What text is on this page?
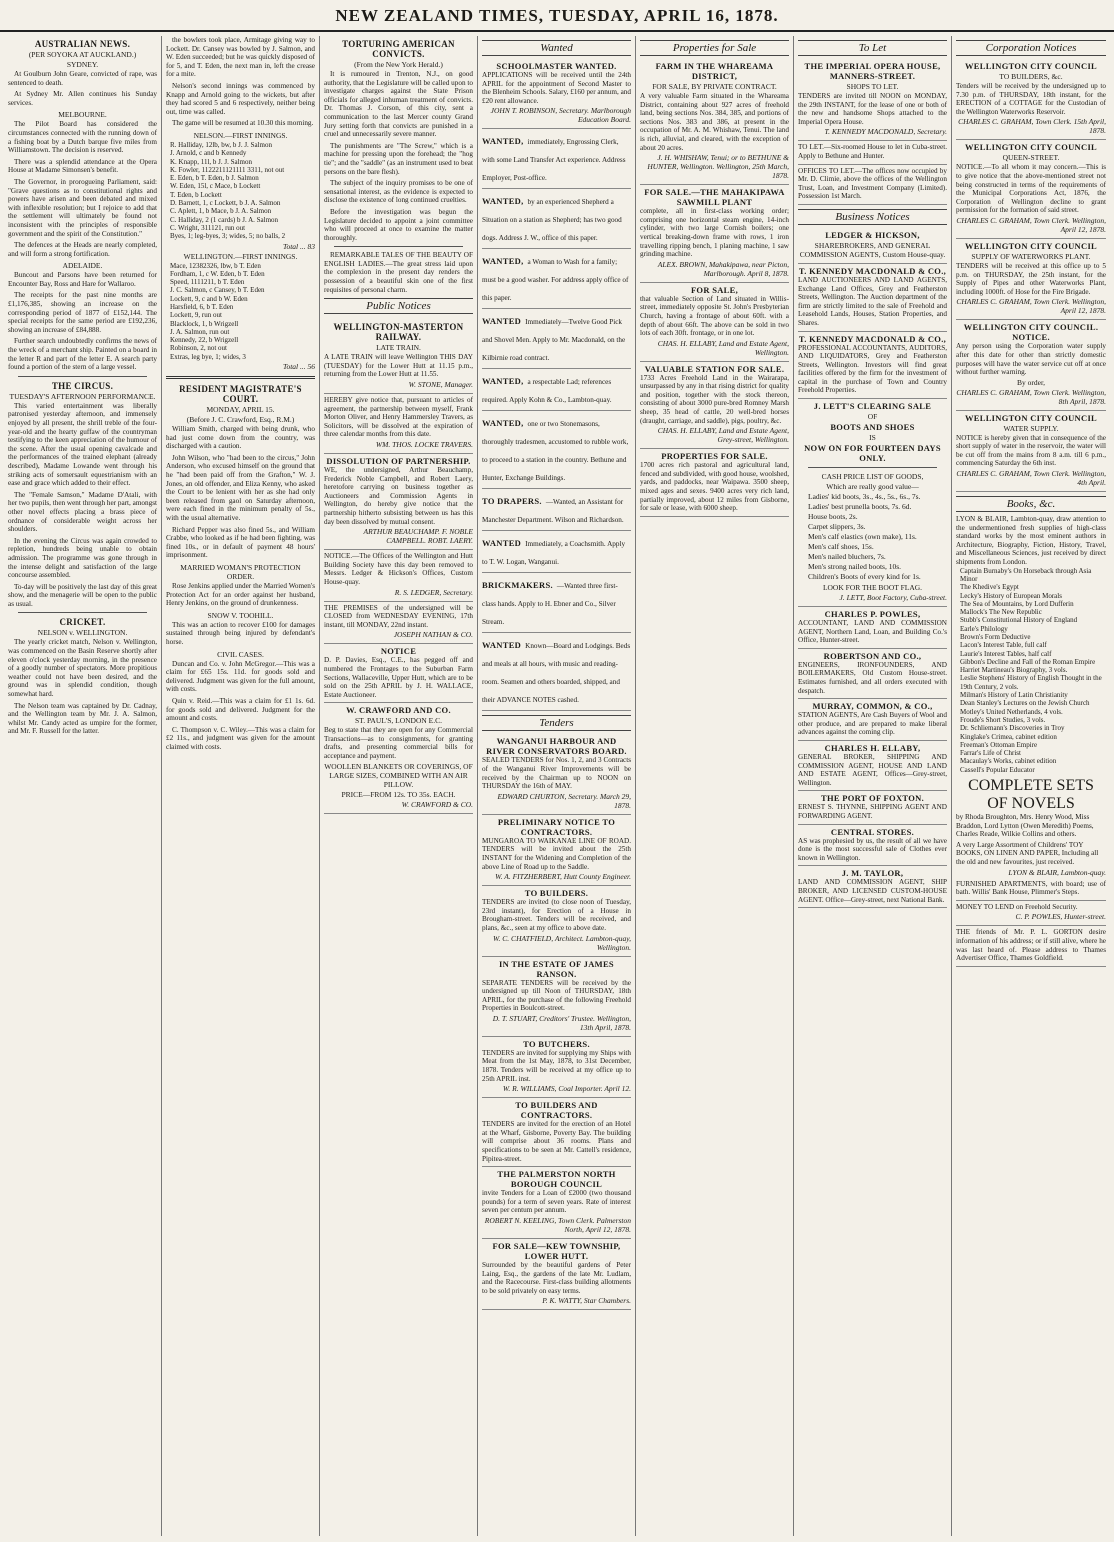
NEW ZEALAND TIMES, TUESDAY, APRIL 16, 1878.
AUSTRALIAN NEWS.
(PER SOYOKA AT AUCKLAND.)
SYDNEY.

At Goulburn John Geare, convicted of rape, was sentenced to death.

At Sydney Mr. Allen continues his Sunday services.

MELBOURNE.

The Pilot Board has considered the circumstances connected with the running down of a fishing boat by a Dutch barque five miles from Williamstown. The decision is reserved.

There was a splendid attendance at the Opera House at Madame Simonsen's benefit.

The Governor, in prorogueing Parliament, said: "Grave questions as to constitutional rights and powers have arisen and been debated and mixed with inflexible resolution; but I rejoice to add that the settlement will ultimately be found not inconsistent with the principles of responsible government and the spirit of the Constitution."

The defences at the Heads are nearly completed, and will form a strong fortification.

ADELAIDE.

Buncout and Parsons have been returned for Encounter Bay, Ross and Hare for Wallaroo.

The receipts for the past nine months are £1,176,385, showing an increase on the corresponding period of 1877 of £152,144. The special receipts for the same period are £192,236, showing an increase of £84,888.

Further search undoubtedly confirms the news of the wreck of a merchant ship. Painted on a board in the letter R and part of the letter E. A search party found a portion of the stern of a large vessel.

THE CIRCUS.
TUESDAY'S AFTERNOON PERFORMANCE.

This varied entertainment was liberally patronised yesterday afternoon, and immensely enjoyed by all present, the shrill treble of the four-year-old and the hearty guffaw of the countryman testifying to the keen appreciation of the humour of the scene. After the usual opening cavalcade and the performances of the trained elephant (already described), Madame Lowande went through his striking acts of somersault equestrianism with an ease and grace which added to their effect.

The "Female Samson," Madame D'Atali, with her two pupils, then went through her part, amongst other novel effects placing a brass piece of ordnance of considerable weight across her shoulders.

In the evening the Circus was again crowded to repletion, hundreds being unable to obtain admission. The programme was gone through in the intense delight and satisfaction of the large concourse assembled.

To-day will be positively the last day of this great show, and the menagerie will be open to the public as usual.

CRICKET.
NELSON v. WELLINGTON.

The yearly cricket match, Nelson v. Wellington, was commenced on the Basin Reserve shortly after eleven o'clock yesterday morning, in the presence of a goodly number of spectators. More propitious weather could not have been desired, and the ground was in splendid condition, though somewhat hard.

The Nelson team was captained by Dr. Cadnay, and the Wellington team by Mr. J. A. Salmon, whilst Mr. Candy acted as umpire for the former, and Mr. F. Russell for the latter.

the bowlers took place, Armitage giving way to Lockett. Dr. Cansey was bowled by J. Salmon, and W. Eden succeeded; but he was quickly disposed of for 5, and T. Eden, the next man in, left the crease for a mite.

Nelson's second innings was commenced by Knapp and Arnold going to the wickets, but after they had scored 5 and 6 respectively, neither being out, time was called.

The game will be resumed at 10.30 this morning.

NELSON.—FIRST INNINGS.
R. Halliday, 12lb, bw, b J. J. Salmon
J. Arnold, c and b Kennedy
K. Knapp, 11l, b J. J. Salmon
K. Fowler, 1122211121111 3311, not out
E. Eden, b T. Eden, b J. Salmon
W. Eden, 15l, c Mace, b Lockett
T. Eden, b Lockett
D. Barnett, 1, c Lockett, b J. A. Salmon
C. Aplett, 1, b Mace, b J. A. Salmon
C. Halliday, 2 (1 cards) b J. A. Salmon
C. Wright, 311121, run out
Byes, 1; leg-byes, 3; wides, 5; no balls, 2
Total ... 83
WELLINGTON.—FIRST INNINGS.
Mace, 12382326, lbw, b T. Eden
Fordham, 1, c W. Eden, b T. Eden
Speed, 1111211, b T. Eden
J. C. Salmon, c Cansey, b T. Eden
Lockett, 9, c and b W. Eden
Harsfield, 6, b T. Eden
Lockett, 9, run out
Blacklock, 1, b Wrigzell
J. A. Salmon, run out
Kennedy, 22, b Wrigzell
Robinson, 2, not out
Extras, leg bye, 1; wides, 3
Total ... 56
RESIDENT MAGISTRATE'S COURT.
MONDAY, APRIL 15.
(Before J. C. Crawford, Esq., R.M.)

William Smith, charged with being drunk, who had just come down from the country, was discharged with a caution.

John Wilson, who "had been to the circus," John Anderson, who excused himself on the ground that he "had been paid off from the Grafton," W. J. Jones, an old offender, and Eliza Kenny, who asked the Court to be lenient with her as she had only been released from gaol on Saturday afternoon, were each fined in the minimum penalty of 5s., with the usual alternative.

Richard Pepper was also fined 5s., and William Crabbe, who looked as if he had been fighting, was fined 10s., or in default of payment 48 hours' imprisonment.

MARRIED WOMAN'S PROTECTION ORDER.

Rose Jenkins applied under the Married Women's Protection Act for an order against her husband, Henry Jenkins, on the ground of drunkenness.

SNOW V. TOOHILL.

This was an action to recover £100 for damages sustained through being injured by defendant's horse.

CIVIL CASES.

Duncan and Co. v. John McGregor.—This was a claim for £65 15s. 11d. for goods sold and delivered. Judgment was given for the full amount, with costs.

Quin v. Reid.—This was a claim for £1 1s. 6d. for goods sold and delivered. Judgment for the amount and costs.

C. Thompson v. C. Wiley.—This was a claim for £2 11s., and judgment was given for the amount claimed with costs.

TORTURING AMERICAN CONVICTS.
(From the New York Herald.)

It is rumoured in Trenton, N.J., on good authority, that the Legislature will be called upon to investigate charges against the State Prison officials for alleged inhuman treatment of convicts. Dr. Thomas J. Corson, of this city, sent a communication to the last Mercer county Grand Jury setting forth that convicts are punished in a cruel and unnecessarily severe manner.

The punishments are "The Screw," which is a machine for pressing upon the forehead; the "hog tie"; and the "saddle" (as an instrument used to beat persons on the bare flesh).

The subject of the inquiry promises to be one of sensational interest, as the evidence is expected to disclose the existence of long continued cruelties.

Before the investigation was begun the Legislature decided to appoint a joint committee who will proceed at once to examine the matter thoroughly.

REMARKABLE TALES OF THE BEAUTY OF ENGLISH LADIES.—The great stress laid upon the complexion in the present day renders the possession of a beautiful skin one of the first requisites of personal charm.

Public Notices
WELLINGTON-MASTERTON RAILWAY.
LATE TRAIN.
A LATE TRAIN will leave Wellington THIS DAY (TUESDAY) for the Lower Hutt at 11.15 p.m., returning from the Lower Hutt at 11.55.
W. STONE, Manager.
HEREBY give notice that, pursuant to articles of agreement, the partnership between myself, Frank Morton Oliver, and Henry Hammersley Travers, as Solicitors, will be dissolved at the expiration of three calendar months from this date.
WM. THOS. LOCKE TRAVERS.
DISSOLUTION OF PARTNERSHIP.
WE, the undersigned, Arthur Beauchamp, Frederick Noble Campbell, and Robert Laery, heretofore carrying on business together as Auctioneers and Commission Agents in Wellington, do hereby give notice that the partnership hitherto subsisting between us has this day been dissolved by mutual consent.
ARTHUR BEAUCHAMP. F. NOBLE CAMPBELL. ROBT. LAERY.
NOTICE.—The Offices of the Wellington and Hutt Building Society have this day been removed to Messrs. Ledger & Hickson's Offices, Custom House-quay.
R. S. LEDGER, Secretary.
THE PREMISES of the undersigned will be CLOSED from WEDNESDAY EVENING, 17th instant, till MONDAY, 22nd instant.
JOSEPH NATHAN & CO.
NOTICE
D. P. Davies, Esq., C.E., has pegged off and numbered the Frontages to the Suburban Farm Sections, Wallaceville, Upper Hutt, which are to be sold on the 25th APRIL by J. H. WALLACE, Estate Auctioneer.
W. CRAWFORD AND CO.
ST. PAUL'S, LONDON E.C.
Beg to state that they are open for any Commercial Transactions—as to consignments, for granting drafts, and presenting commercial bills for acceptance and payment.
WOOLLEN BLANKETS OR COVERINGS, OF LARGE SIZES, COMBINED WITH AN AIR PILLOW.
PRICE—FROM 12s. TO 35s. EACH.
W. CRAWFORD & CO.
Wanted
SCHOOLMASTER WANTED.
APPLICATIONS will be received until the 24th APRIL for the appointment of Second Master to the Blenheim Schools. Salary, £160 per annum, and £20 rent allowance.
JOHN T. ROBINSON, Secretary. Marlborough Education Board.
WANTED, immediately, Engrossing Clerk, with some Land Transfer Act experience. Address Employer, Post-office.
WANTED, by an experienced Shepherd a Situation on a station as Shepherd; has two good dogs. Address J. W., office of this paper.
WANTED, a Woman to Wash for a family; must be a good washer. For address apply office of this paper.
WANTED Immediately—Twelve Good Pick and Shovel Men. Apply to Mr. Macdonald, on the Kilbirnie road contract.
WANTED, a respectable Lad; references required. Apply Kohn & Co., Lambton-quay.
WANTED, one or two Stonemasons, thoroughly tradesmen, accustomed to rubble work, to proceed to a station in the country. Bethune and Hunter, Exchange Buildings.
TO DRAPERS. —Wanted, an Assistant for Manchester Department. Wilson and Richardson.
WANTED Immediately, a Coachsmith. Apply to T. W. Logan, Wanganui.
BRICKMAKERS. —Wanted three first-class hands. Apply to H. Ebner and Co., Silver Stream.
WANTED Known—Board and Lodgings. Beds and meals at all hours, with music and reading-room. Seamen and others boarded, shipped, and their ADVANCE NOTES cashed.
Tenders
WANGANUI HARBOUR AND RIVER CONSERVATORS BOARD.
SEALED TENDERS for Nos. 1, 2, and 3 Contracts of the Wanganui River Improvements will be received by the Chairman up to NOON on THURSDAY the 16th of MAY.
EDWARD CHURTON, Secretary. March 29, 1878.
PRELIMINARY NOTICE TO CONTRACTORS.
MUNGAROA TO WAIKANAE LINE OF ROAD. TENDERS will be invited about the 25th INSTANT for the Widening and Completion of the above Line of Road up to the Saddle.
W. A. FITZHERBERT, Hutt County Engineer.
TO BUILDERS.
TENDERS are invited (to close noon of Tuesday, 23rd instant), for Erection of a House in Brougham-street. Tenders will be received, and plans, &c., seen at my office to above date.
W. C. CHATFIELD, Architect. Lambton-quay, Wellington.
IN THE ESTATE OF JAMES RANSON.
SEPARATE TENDERS will be received by the undersigned up till Noon of THURSDAY, 18th APRIL, for the purchase of the following Freehold Properties in Boulcott-street.
D. T. STUART, Creditors' Trustee. Wellington, 13th April, 1878.
TO BUTCHERS.
TENDERS are invited for supplying my Ships with Meat from the 1st May, 1878, to 31st December, 1878. Tenders will be received at my office up to 25th APRIL inst.
W. R. WILLIAMS, Coal Importer. April 12.
TO BUILDERS AND CONTRACTORS.
TENDERS are invited for the erection of an Hotel at the Wharf, Gisborne, Poverty Bay. The building will comprise about 36 rooms. Plans and specifications to be seen at Mr. Cattell's residence, Pipitea-street.
THE PALMERSTON NORTH BOROUGH COUNCIL
invite Tenders for a Loan of £2000 (two thousand pounds) for a term of seven years. Rate of interest seven per centum per annum.
ROBERT N. KEELING, Town Clerk. Palmerston North, April 12, 1878.
FOR SALE—KEW TOWNSHIP, LOWER HUTT.
Surrounded by the beautiful gardens of Peter Laing, Esq., the gardens of the late Mr. Ludlam, and the Racecourse. First-class building allotments to be sold privately on easy terms.
P. K. WATTY, Star Chambers.
Properties for Sale
FARM IN THE WHAREAMA DISTRICT,
FOR SALE, BY PRIVATE CONTRACT.
A very valuable Farm situated in the Whareama District, containing about 927 acres of freehold land, being sections Nos. 384, 385, and portions of sections Nos. 383 and 386, at present in the occupation of Mr. A. M. Whishaw, Tenui. The land is rich, alluvial, and cleared, with the exception of about 20 acres.
J. H. WHISHAW, Tenui; or to BETHUNE & HUNTER, Wellington. Wellington, 25th March, 1878.
FOR SALE.—THE MAHAKIPAWA SAWMILL PLANT
complete, all in first-class working order; comprising one horizontal steam engine, 14-inch cylinder, with two large Cornish boilers; one vertical breaking-down frame with rows, 1 iron travelling ripping bench, 1 planing machine, 1 saw grinding machine.
ALEX. BROWN, Mahakipawa, near Picton, Marlborough. April 8, 1878.
FOR SALE,
that valuable Section of Land situated in Willis-street, immediately opposite St. John's Presbyterian Church, having a frontage of about 60ft. with a depth of about 66ft. The above can be sold in two lots of each 30ft. frontage, or in one lot.
CHAS. H. ELLABY, Land and Estate Agent, Wellington.
VALUABLE STATION FOR SALE.
1733 Acres Freehold Land in the Wairarapa, unsurpassed by any in that rising district for quality and position, together with the stock thereon, consisting of about 3000 pure-bred Romney Marsh sheep, 35 head of cattle, 20 well-bred horses (draught, carriage, and saddle), pigs, poultry, &c.
CHAS. H. ELLABY, Land and Estate Agent, Grey-street, Wellington.
PROPERTIES FOR SALE.
1700 acres rich pastoral and agricultural land, fenced and subdivided, with good house, woolshed, yards, and paddocks, near Waipawa. 3500 sheep, mixed ages and sexes. 9400 acres very rich land, partially improved, about 12 miles from Gisborne, for sale or lease, with 6000 sheep.
To Let
THE IMPERIAL OPERA HOUSE, MANNERS-STREET.
SHOPS TO LET.
TENDERS are invited till NOON on MONDAY, the 29th INSTANT, for the lease of one or both of the new and handsome Shops attached to the Imperial Opera House.
T. KENNEDY MACDONALD, Secretary.
TO LET.—Six-roomed House to let in Cuba-street. Apply to Bethune and Hunter.
OFFICES TO LET.—The offices now occupied by Mr. D. Climie, above the offices of the Wellington Trust, Loan, and Investment Company (Limited). Possession 1st March.
Business Notices
LEDGER & HICKSON,
SHAREBROKERS, AND GENERAL COMMISSION AGENTS, Custom House-quay.
T. KENNEDY MACDONALD & CO.,
LAND AUCTIONEERS AND LAND AGENTS, Exchange Land Offices, Grey and Featherston Streets, Wellington. The Auction department of the firm are strictly limited to the sale of Freehold and Leasehold Lands, Houses, Station Properties, and Shares.
T. KENNEDY MACDONALD & CO.,
PROFESSIONAL ACCOUNTANTS, AUDITORS, AND LIQUIDATORS, Grey and Featherston Streets, Wellington. Investors will find great facilities offered by the firm for the investment of capital in the purchase of Town and Country Freehold Properties.
J. LETT'S CLEARING SALE
OF
BOOTS AND SHOES
IS
NOW ON FOR FOURTEEN DAYS ONLY.
CASH PRICE LIST OF GOODS,
Which are really good value—
Ladies' kid boots, 3s., 4s., 5s., 6s., 7s.
Ladies' best prunella boots, 7s. 6d.
House boots, 2s.
Carpet slippers, 3s.
Men's calf elastics (own make), 11s.
Men's calf shoes, 15s.
Men's nailed bluchers, 7s.
Men's strong nailed boots, 10s.
Children's Boots of every kind for 1s.
LOOK FOR THE BOOT FLAG.
J. LETT, Boot Factory, Cuba-street.
CHARLES P. POWLES,
ACCOUNTANT, LAND AND COMMISSION AGENT, Northern Land, Loan, and Building Co.'s Office, Hunter-street.
ROBERTSON AND CO.,
ENGINEERS, IRONFOUNDERS, AND BOILERMAKERS, Old Custom House-street. Estimates furnished, and all orders executed with despatch.
MURRAY, COMMON, & CO.,
STATION AGENTS, Are Cash Buyers of Wool and other produce, and are prepared to make liberal advances against the coming clip.
CHARLES H. ELLABY,
GENERAL BROKER, SHIPPING AND COMMISSION AGENT, HOUSE AND LAND AND ESTATE AGENT, Offices—Grey-street, Wellington.
THE PORT OF FOXTON.
ERNEST S. THYNNE, SHIPPING AGENT AND FORWARDING AGENT.
CENTRAL STORES.
AS was prophesied by us, the result of all we have done is the most successful sale of Clothes ever known in Wellington.
J. M. TAYLOR,
LAND AND COMMISSION AGENT, SHIP BROKER, AND LICENSED CUSTOM-HOUSE AGENT. Office—Grey-street, next National Bank.
Corporation Notices
WELLINGTON CITY COUNCIL
TO BUILDERS, &c.
Tenders will be received by the undersigned up to 7.30 p.m. of THURSDAY, 18th instant, for the ERECTION of a COTTAGE for the Custodian of the Wellington Waterworks Reservoir.
CHARLES C. GRAHAM, Town Clerk. 15th April, 1878.
WELLINGTON CITY COUNCIL
QUEEN-STREET.
NOTICE.—To all whom it may concern.—This is to give notice that the above-mentioned street not being constructed in terms of the requirements of the Municipal Corporations Act, 1876, the Corporation of Wellington decline to grant permission for the formation of said street.
CHARLES C. GRAHAM, Town Clerk. Wellington, April 12, 1878.
WELLINGTON CITY COUNCIL
SUPPLY OF WATERWORKS PLANT.
TENDERS will be received at this office up to 5 p.m. on THURSDAY, the 25th instant, for the Supply of Pipes and other Waterworks Plant, including 1000ft. of Hose for the Fire Brigade.
CHARLES C. GRAHAM, Town Clerk. Wellington, April 12, 1878.
WELLINGTON CITY COUNCIL.
NOTICE.
Any person using the Corporation water supply after this date for other than strictly domestic purposes will have the water service cut off at once without further warning.
By order,
CHARLES C. GRAHAM, Town Clerk. Wellington, 8th April, 1878.
WELLINGTON CITY COUNCIL
WATER SUPPLY.
NOTICE is hereby given that in consequence of the short supply of water in the reservoir, the water will be cut off from the mains from 8 a.m. till 6 p.m., commencing Saturday the 6th inst.
CHARLES C. GRAHAM, Town Clerk. Wellington, 4th April.
Books, &c.
LYON & BLAIR, Lambton-quay, draw attention to the undermentioned fresh supplies of high-class standard works by the most eminent authors in Architecture, Biography, Fiction, History, Travel, and Miscellaneous Sciences, just received by direct shipments from London.
Captain Burnaby's On Horseback through Asia Minor
The Khedive's Egypt
Lecky's History of European Morals
The Sea of Mountains, by Lord Dufferin
Mallock's The New Republic
Stubb's Constitutional History of England
Earle's Philology
Brown's Form Deductive
Lacon's Interest Table, full calf
Laurie's Interest Tables, half calf
Gibbon's Decline and Fall of the Roman Empire
Harriet Martineau's Biography, 3 vols.
Leslie Stephens' History of English Thought in the 19th Century, 2 vols.
Milman's History of Latin Christianity
Dean Stanley's Lectures on the Jewish Church
Motley's United Netherlands, 4 vols.
Froude's Short Studies, 3 vols.
Dr. Schliemann's Discoveries in Troy
Kinglake's Crimea, cabinet edition
Freeman's Ottoman Empire
Farrar's Life of Christ
Macaulay's Works, cabinet edition
Cassell's Popular Educator
COMPLETE SETS OF NOVELS
by Rhoda Broughton, Mrs. Henry Wood, Miss Braddon, Lord Lytton (Owen Meredith) Poems, Charles Reade, Wilkie Collins and others.
A very Large Assortment of Childrens' TOY BOOKS, ON LINEN AND PAPER, Including all the old and new favourites, just received.
LYON & BLAIR, Lambton-quay.
FURNISHED APARTMENTS, with board; use of bath. Willis' Bank House, Plimmer's Steps.
MONEY TO LEND on Freehold Security.
C. P. POWLES, Hunter-street.
THE friends of Mr. P. L. GORTON desire information of his address; or if still alive, where he was last heard of. Please address to Thames Advertiser Office, Thames Goldfield.
